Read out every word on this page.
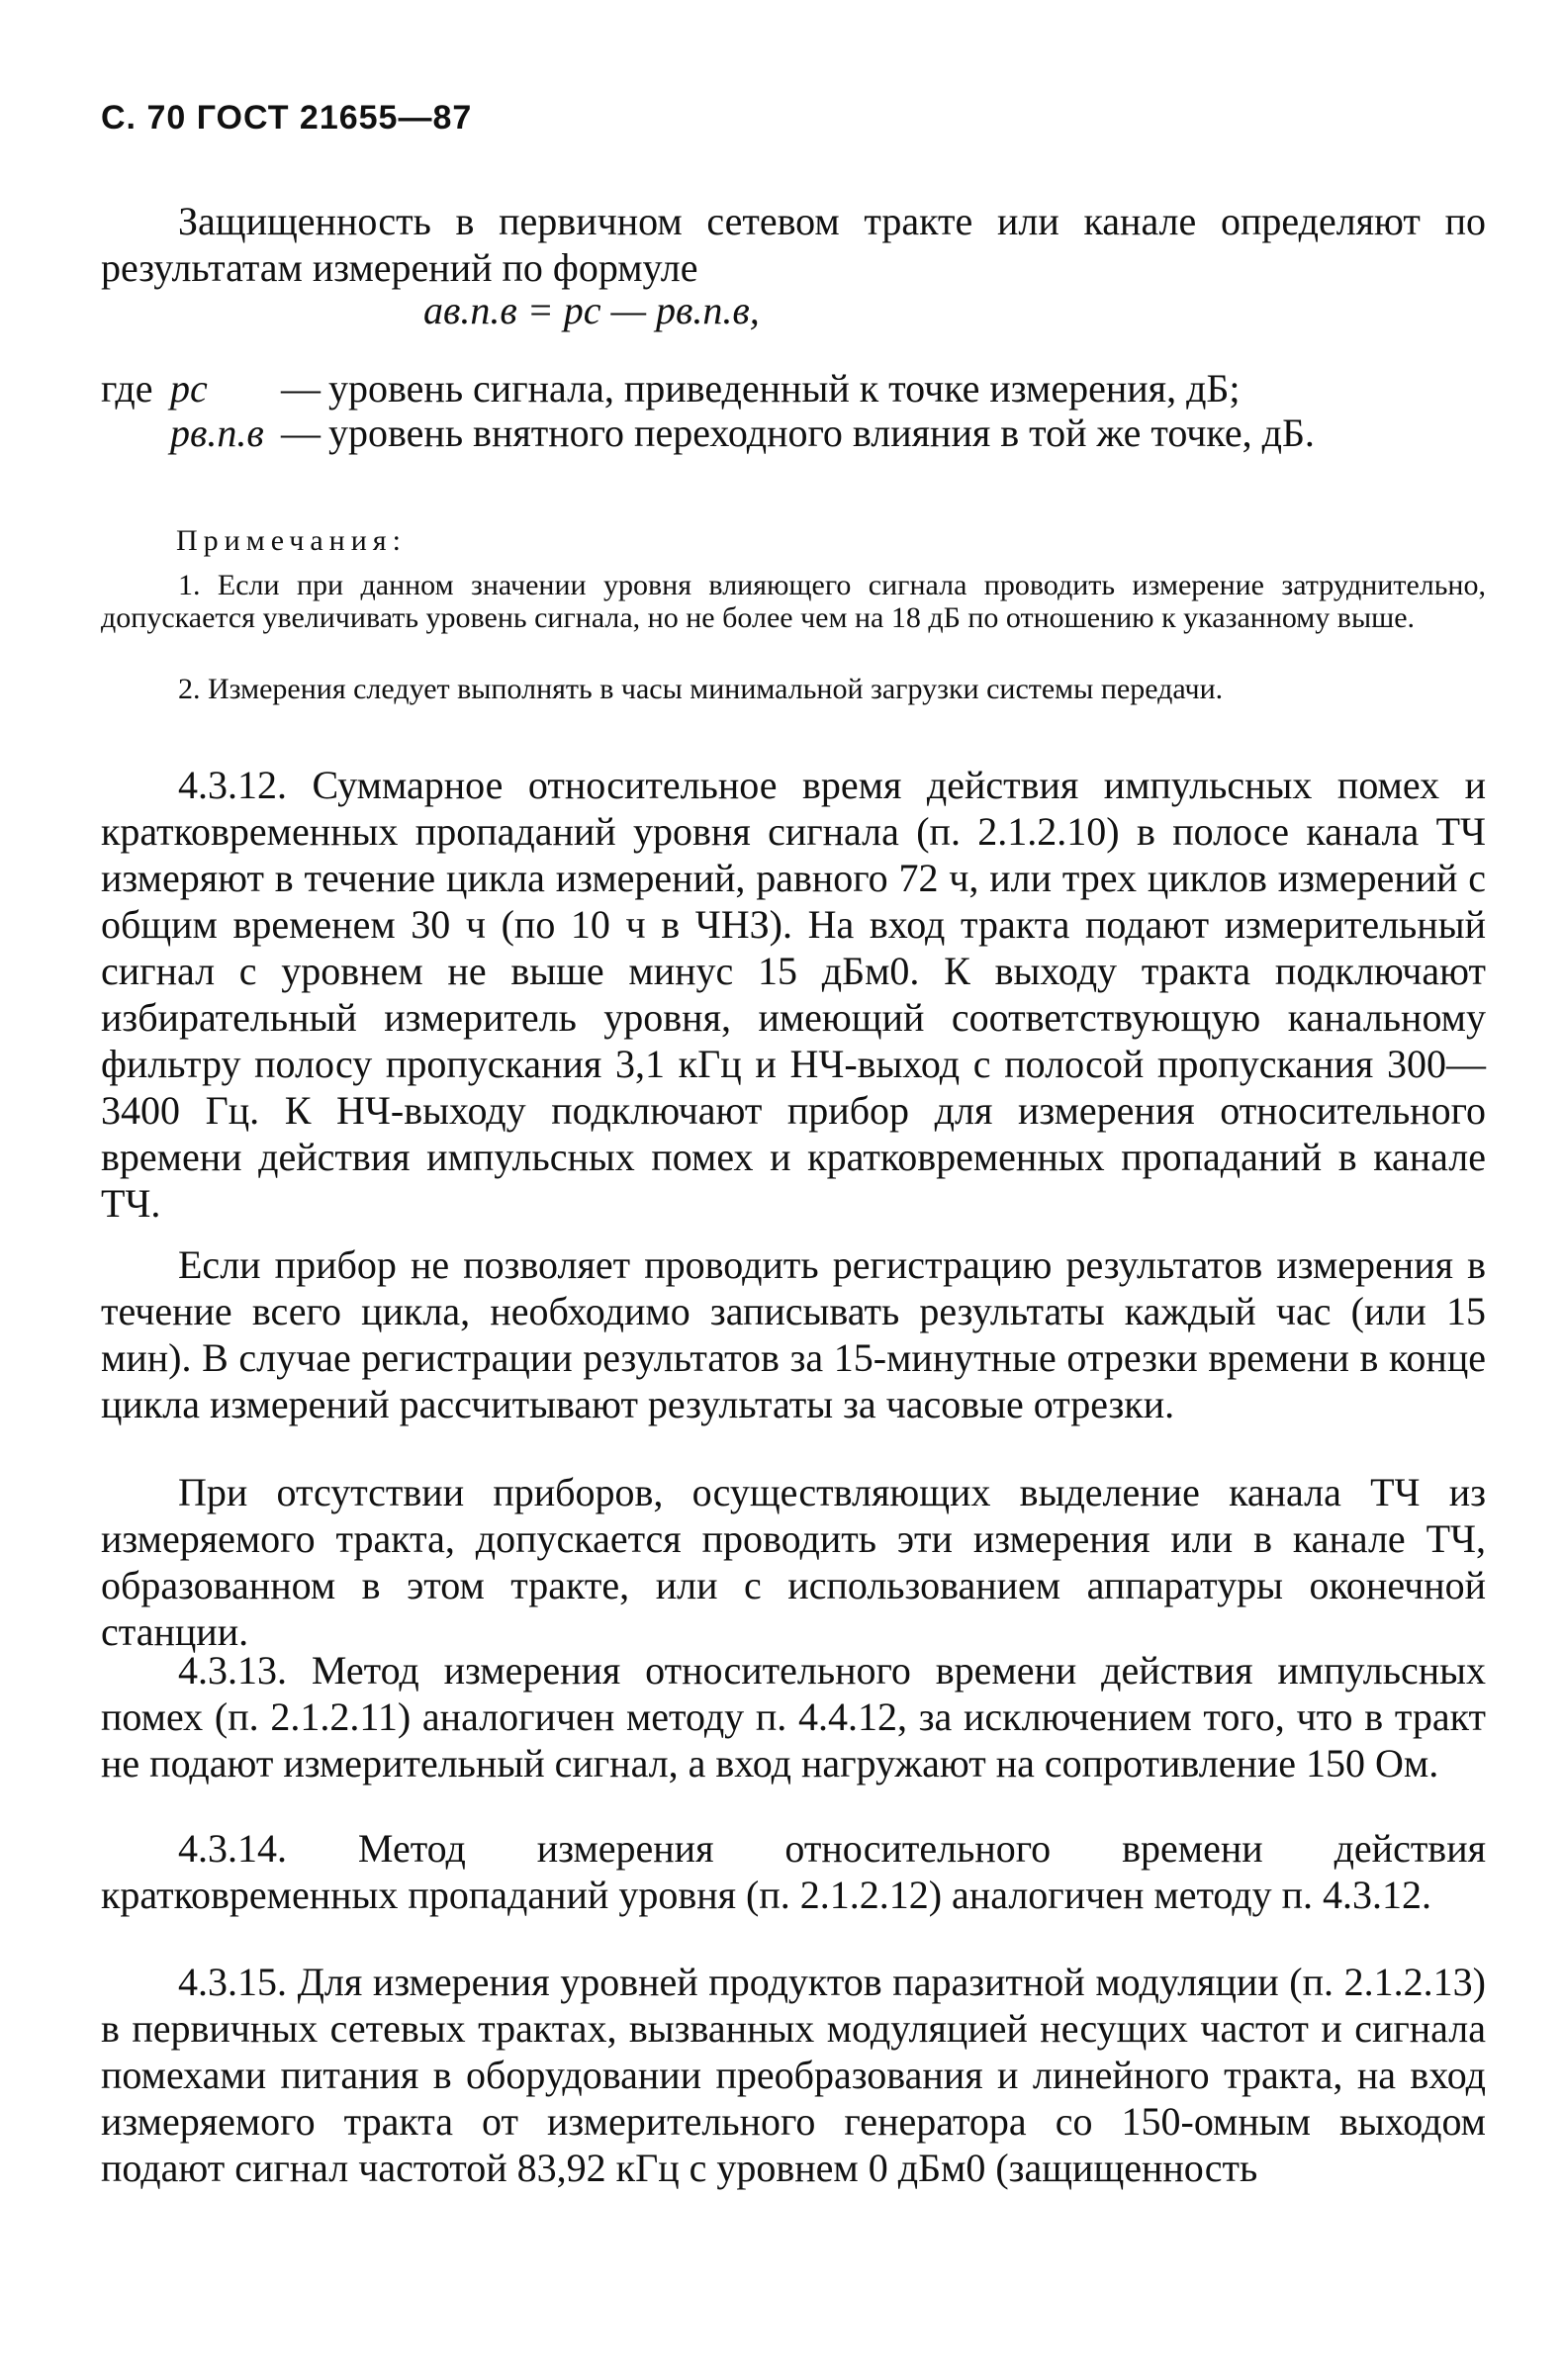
С. 70 ГОСТ 21655—87

Защищенность в первичном сетевом тракте или канале определяют по результатам измерений по формуле

aв.п.в = pс — pв.п.в,
где pс	— уровень сигнала, приведенный к точке измерения, дБ;
pв.п.в — уровень внятного переходного влияния в той же точке, дБ.
Примечания:

1. Если при данном значении уровня влияющего сигнала проводить измерение затруднительно, допускается увеличивать уровень сигнала, но не более чем на 18 дБ по отношению к указанному выше.

2. Измерения следует выполнять в часы минимальной загрузки системы передачи.

4.3.12. Суммарное относительное время действия импульсных помех и кратковременных пропаданий уровня сигнала (п. 2.1.2.10) в полосе канала ТЧ измеряют в течение цикла измерений, равного 72 ч, или трех циклов измерений с общим временем 30 ч (по 10 ч в ЧНЗ). На вход тракта подают измерительный сигнал с уровнем не выше минус 15 дБм0. К выходу тракта подключают избирательный измеритель уровня, имеющий соответствующую канальному фильтру полосу пропускания 3,1 кГц и НЧ-выход с полосой пропускания 300—3400 Гц. К НЧ-выходу подключают прибор для измерения относительного времени действия импульсных помех и кратковременных пропаданий в канале ТЧ.

Если прибор не позволяет проводить регистрацию результатов измерения в течение всего цикла, необходимо записывать результаты каждый час (или 15 мин). В случае регистрации результатов за 15-минутные отрезки времени в конце цикла измерений рассчитывают результаты за часовые отрезки.

При отсутствии приборов, осуществляющих выделение канала ТЧ из измеряемого тракта, допускается проводить эти измерения или в канале ТЧ, образованном в этом тракте, или с использованием аппаратуры оконечной станции.

4.3.13. Метод измерения относительного времени действия импульсных помех (п. 2.1.2.11) аналогичен методу п. 4.4.12, за исключением того, что в тракт не подают измерительный сигнал, а вход нагружают на сопротивление 150 Ом.

4.3.14. Метод измерения относительного времени действия кратковременных пропаданий уровня (п. 2.1.2.12) аналогичен методу п. 4.3.12.

4.3.15. Для измерения уровней продуктов паразитной модуляции (п. 2.1.2.13) в первичных сетевых трактах, вызванных модуляцией несущих частот и сигнала помехами питания в оборудовании преобразования и линейного тракта, на вход измеряемого тракта от измерительного генератора со 150-омным выходом подают сигнал частотой 83,92 кГц с уровнем 0 дБм0 (защищенность
